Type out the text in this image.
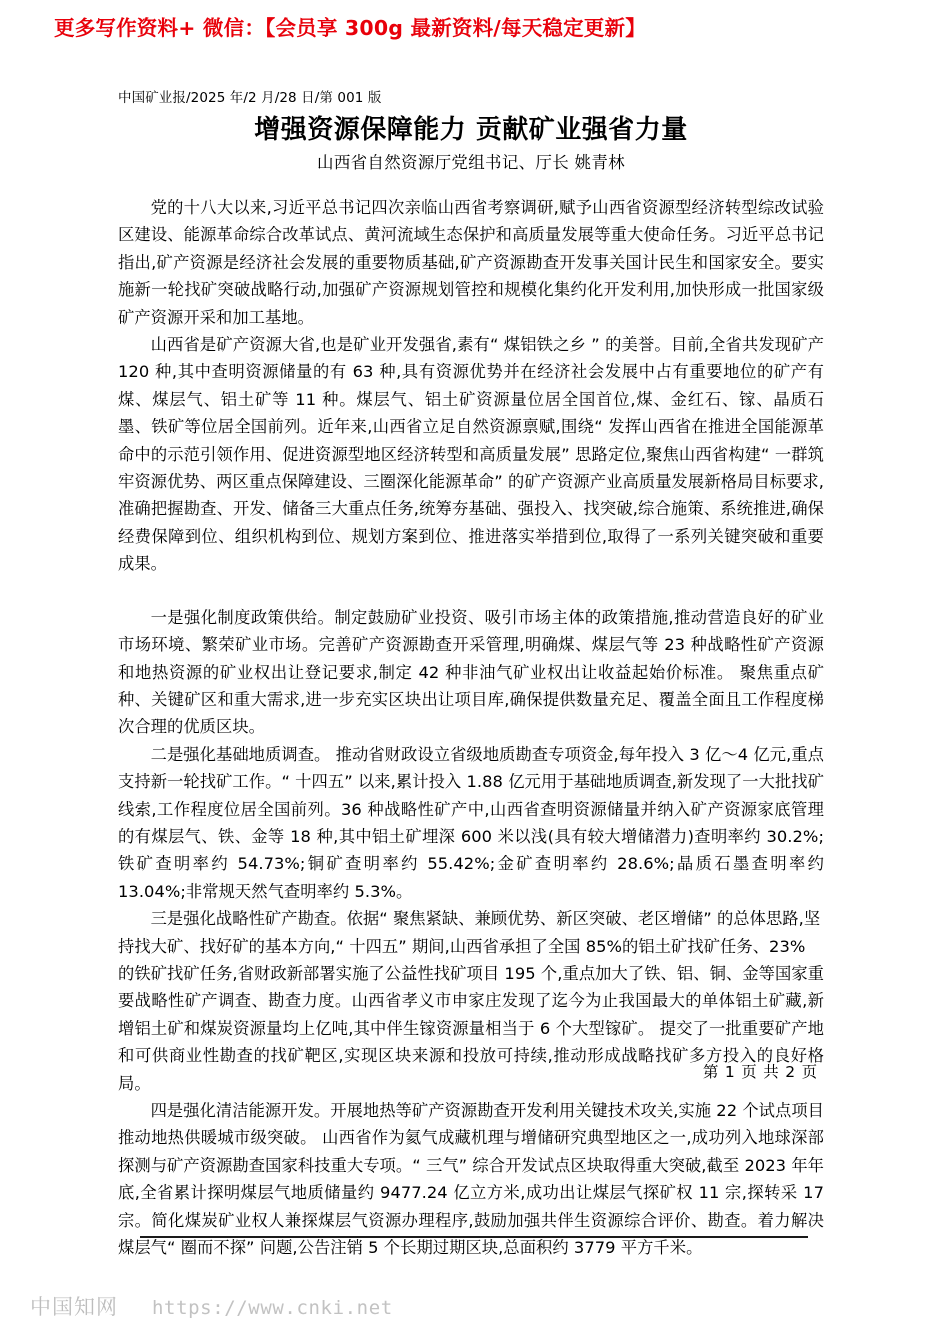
更多写作资料+ 微信：【会员享 300g 最新资料/每天稳定更新】
中国矿业报/2025 年/2 月/28 日/第 001 版
增强资源保障能力 贡献矿业强省力量
山西省自然资源厅党组书记、厅长 姚青林

党的十八大以来,习近平总书记四次亲临山西省考察调研,赋予山西省资源型经济转型综改试验区建设、能源革命综合改革试点、黄河流域生态保护和高质量发展等重大使命任务。习近平总书记指出,矿产资源是经济社会发展的重要物质基础,矿产资源勘查开发事关国计民生和国家安全。要实施新一轮找矿突破战略行动,加强矿产资源规划管控和规模化集约化开发利用,加快形成一批国家级矿产资源开采和加工基地。

山西省是矿产资源大省,也是矿业开发强省,素有“ 煤铝铁之乡 ” 的美誉。目前,全省共发现矿产 120 种,其中查明资源储量的有 63 种,具有资源优势并在经济社会发展中占有重要地位的矿产有煤、煤层气、铝土矿等 11 种。煤层气、铝土矿资源量位居全国首位,煤、金红石、镓、晶质石墨、铁矿等位居全国前列。近年来,山西省立足自然资源禀赋,围绕“ 发挥山西省在推进全国能源革命中的示范引领作用、促进资源型地区经济转型和高质量发展” 思路定位,聚焦山西省构建“ 一群筑牢资源优势、两区重点保障建设、三圈深化能源革命” 的矿产资源产业高质量发展新格局目标要求,准确把握勘查、开发、储备三大重点任务,统筹夯基础、强投入、找突破,综合施策、系统推进,确保经费保障到位、组织机构到位、规划方案到位、推进落实举措到位,取得了一系列关键突破和重要成果。

一是强化制度政策供给。制定鼓励矿业投资、吸引市场主体的政策措施,推动营造良好的矿业市场环境、繁荣矿业市场。完善矿产资源勘查开采管理,明确煤、煤层气等 23 种战略性矿产资源和地热资源的矿业权出让登记要求,制定 42 种非油气矿业权出让收益起始价标准。 聚焦重点矿种、关键矿区和重大需求,进一步充实区块出让项目库,确保提供数量充足、覆盖全面且工作程度梯次合理的优质区块。

二是强化基础地质调查。 推动省财政设立省级地质勘查专项资金,每年投入 3 亿～4 亿元,重点支持新一轮找矿工作。“ 十四五” 以来,累计投入 1.88 亿元用于基础地质调查,新发现了一大批找矿线索,工作程度位居全国前列。36 种战略性矿产中,山西省查明资源储量并纳入矿产资源家底管理的有煤层气、铁、金等 18 种,其中铝土矿埋深 600 米以浅(具有较大增储潜力)查明率约 30.2%;铁矿查明率约 54.73%;铜矿查明率约 55.42%;金矿查明率约 28.6%;晶质石墨查明率约 13.04%;非常规天然气查明率约 5.3%。

三是强化战略性矿产勘查。依据“ 聚焦紧缺、兼顾优势、新区突破、老区增储” 的总体思路,坚持找大矿、找好矿的基本方向,“ 十四五” 期间,山西省承担了全国 85%的铝土矿找矿任务、23%

的铁矿找矿任务,省财政新部署实施了公益性找矿项目 195 个,重点加大了铁、铝、铜、金等国家重要战略性矿产调查、勘查力度。山西省孝义市申家庄发现了迄今为止我国最大的单体铝土矿藏,新增铝土矿和煤炭资源量均上亿吨,其中伴生镓资源量相当于 6 个大型镓矿。 提交了一批重要矿产地和可供商业性勘查的找矿靶区,实现区块来源和投放可持续,推动形成战略找矿多方投入的良好格局。

四是强化清洁能源开发。开展地热等矿产资源勘查开发利用关键技术攻关,实施 22 个试点项目推动地热供暖城市级突破。 山西省作为氦气成藏机理与增储研究典型地区之一,成功列入地球深部探测与矿产资源勘查国家科技重大专项。“ 三气” 综合开发试点区块取得重大突破,截至 2023 年年底,全省累计探明煤层气地质储量约 9477.24 亿立方米,成功出让煤层气探矿权 11 宗,探转采 17 宗。简化煤炭矿业权人兼探煤层气资源办理程序,鼓励加强共伴生资源综合评价、勘查。着力解决煤层气“ 圈而不探” 问题,公告注销 5 个长期过期区块,总面积约 3779 平方千米。

第 1 页 共 2 页
中国知网 https://www.cnki.net
